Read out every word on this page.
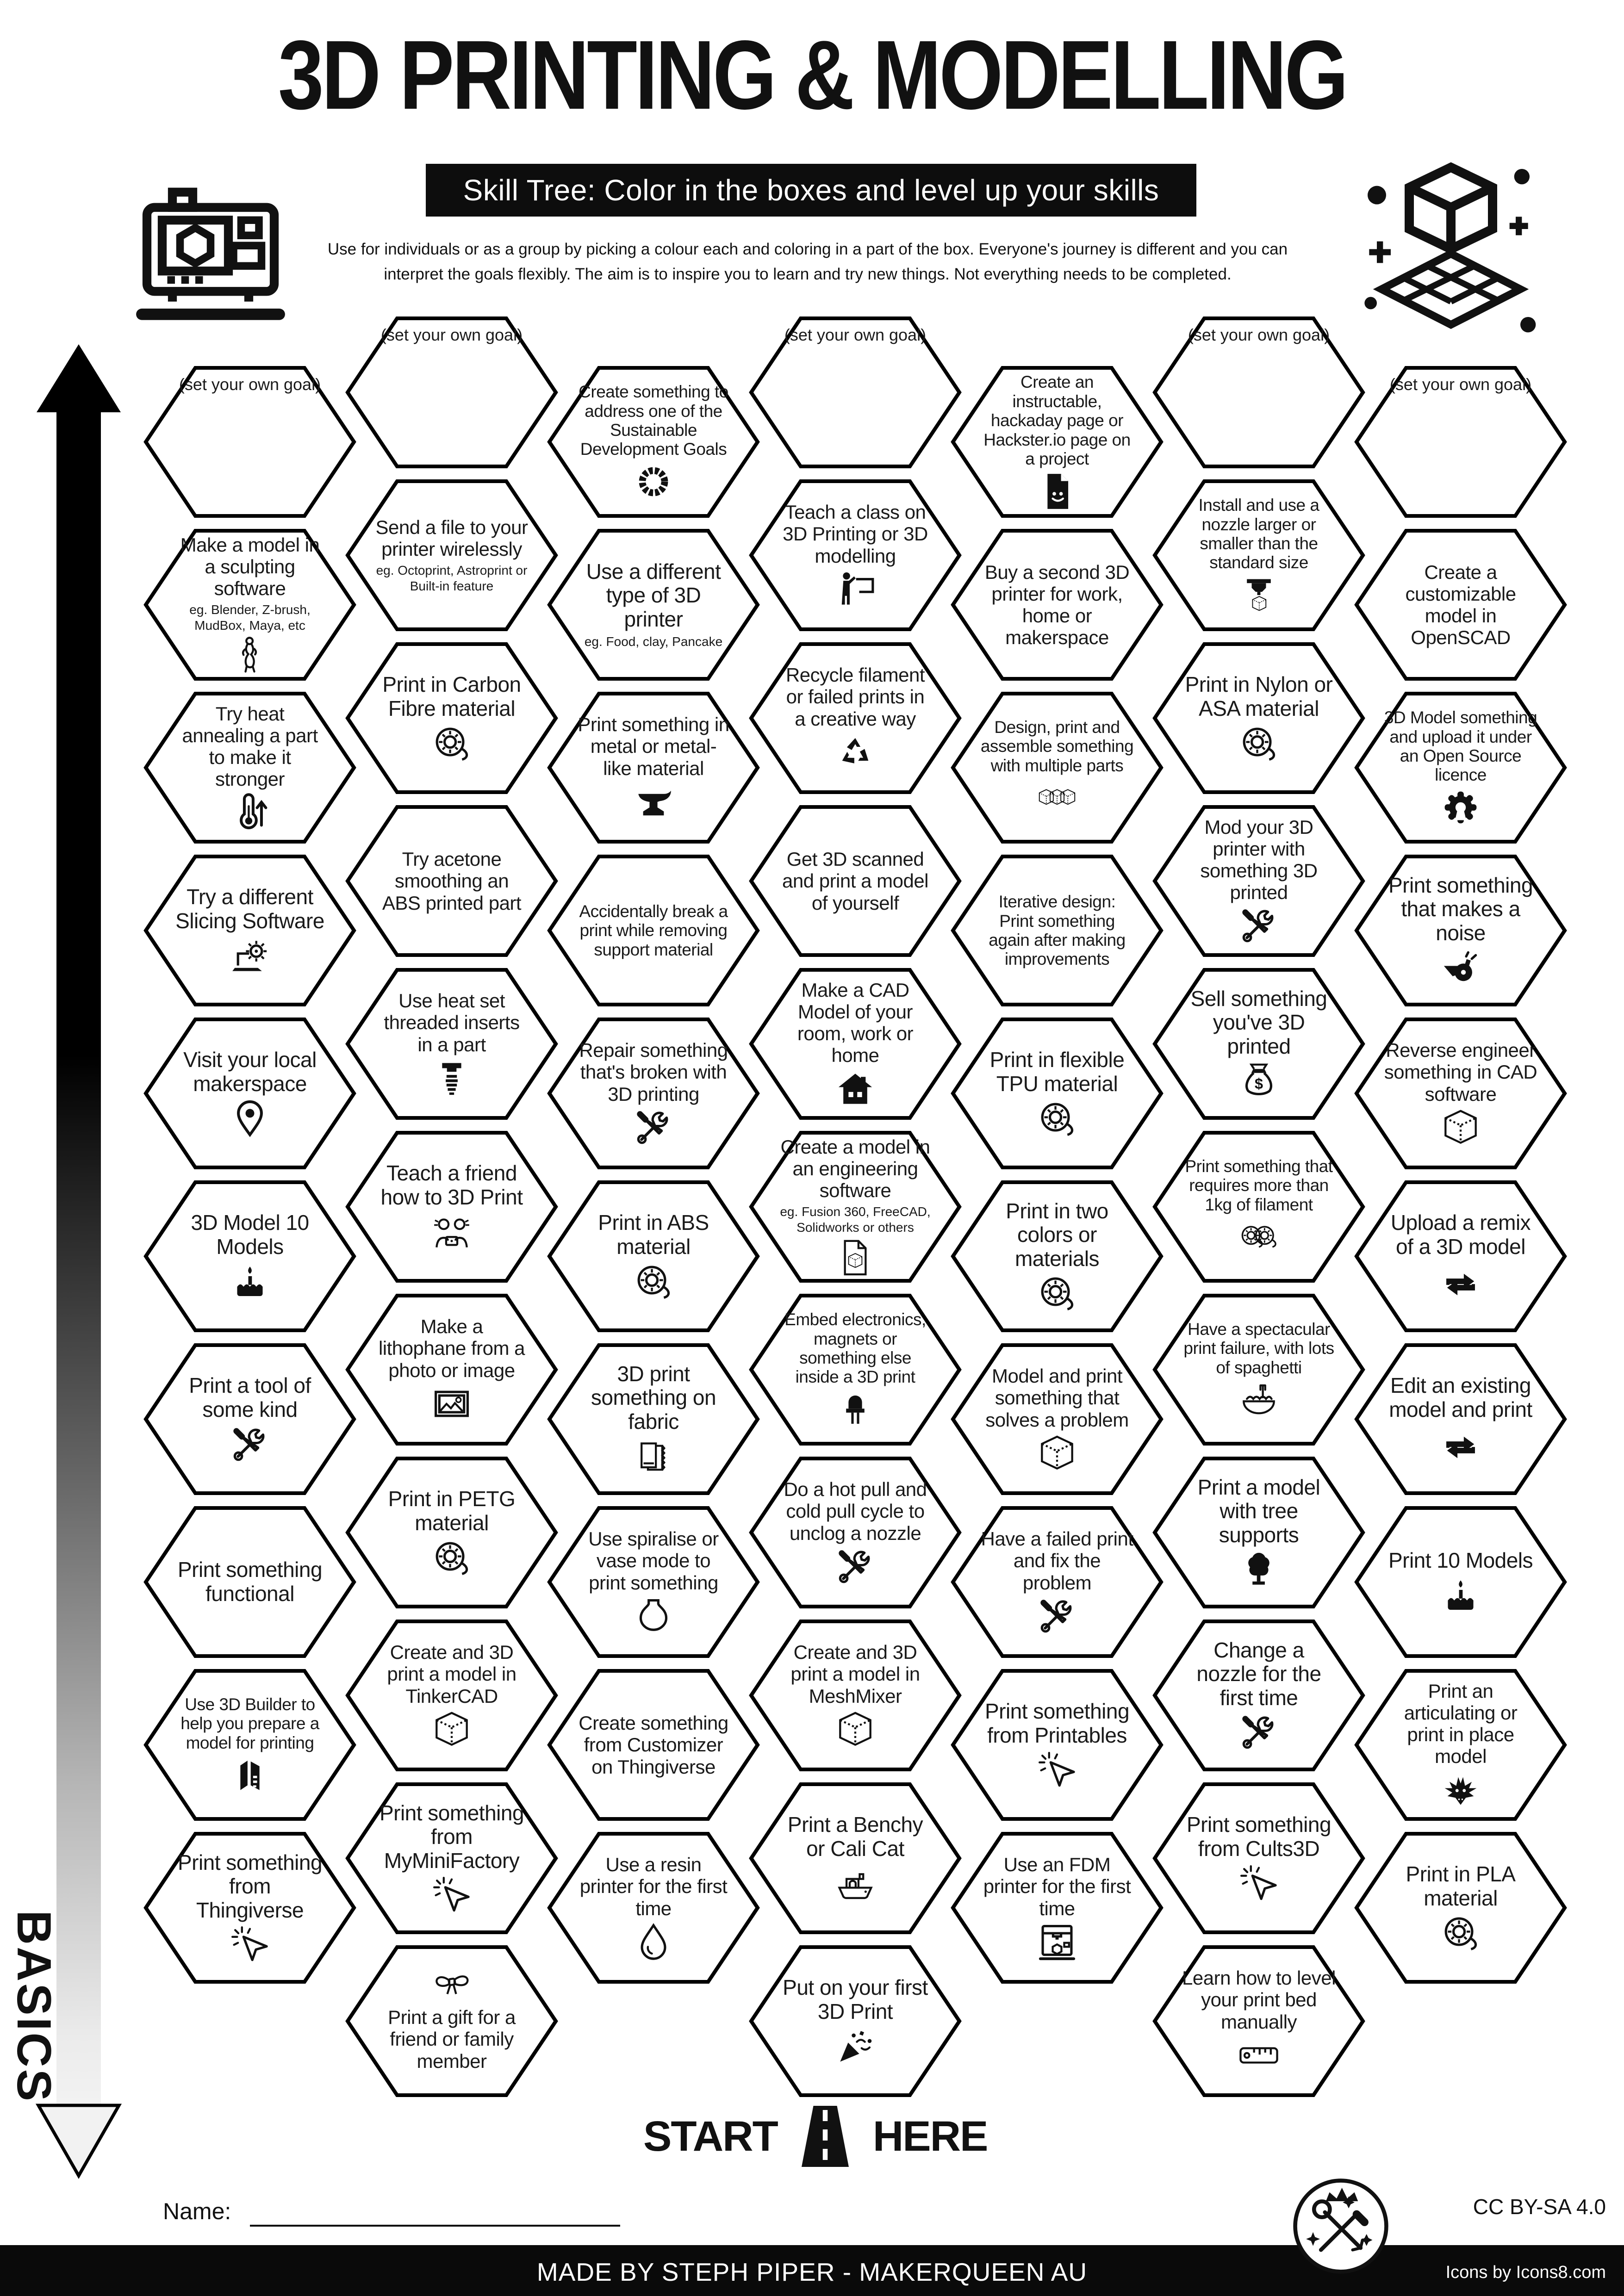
3D PRINTING & MODELLING
Skill Tree: Color in the boxes and level up your skills
Use for individuals or as a group by picking a colour each and coloring in a part of the box. Everyone's journey is different and you can interpret the goals flexibly. The aim is to inspire you to learn and try new things. Not everything needs to be completed.
ADVANCED
BASICS
(set your own goal)
Make a model in a sculpting software
eg. Blender, Z-brush, MudBox, Maya, etc
Try heat annealing a part to make it stronger
Try a different Slicing Software
Visit your local makerspace
3D Model 10 Models
Print a tool of some kind
Print something functional
Use 3D Builder to help you prepare a model for printing
Print something from Thingiverse
(set your own goal)
Send a file to your printer wirelessly
eg. Octoprint, Astroprint or Built-in feature
Print in Carbon Fibre material
Try acetone smoothing an ABS printed part
Use heat set threaded inserts in a part
Teach a friend how to 3D Print
Make a lithophane from a photo or image
Print in PETG material
Create and 3D print a model in TinkerCAD
Print something from MyMiniFactory
Print a gift for a friend or family member
Create something to address one of the Sustainable Development Goals
Use a different type of 3D printer
eg. Food, clay, Pancake
Print something in metal or metal-like material
Accidentally break a print while removing support material
Repair something that's broken with 3D printing
Print in ABS material
3D print something on fabric
Use spiralise or vase mode to print something
Create something from Customizer on Thingiverse
Use a resin printer for the first time
(set your own goal)
Teach a class on 3D Printing or 3D modelling
Recycle filament or failed prints in a creative way
Get 3D scanned and print a model of yourself
Make a CAD Model of your room, work or home
Create a model in an engineering software
eg. Fusion 360, FreeCAD, Solidworks or others
Embed electronics, magnets or something else inside a 3D print
Do a hot pull and cold pull cycle to unclog a nozzle
Create and 3D print a model in MeshMixer
Print a Benchy or Cali Cat
Put on your first 3D Print
Create an instructable, hackaday page or Hackster.io page on a project
Buy a second 3D printer for work, home or makerspace
Design, print and assemble something with multiple parts
Iterative design: Print something again after making improvements
Print in flexible TPU material
Print in two colors or materials
Model and print something that solves a problem
Have a failed print and fix the problem
Print something from Printables
Use an FDM printer for the first time
(set your own goal)
Install and use a nozzle larger or smaller than the standard size
Print in Nylon or ASA material
Mod your 3D printer with something 3D printed
Sell something you've 3D printed
Print something that requires more than 1kg of filament
Have a spectacular print failure, with lots of spaghetti
Print a model with tree supports
Change a nozzle for the first time
Print something from Cults3D
Learn how to level your print bed manually
(set your own goal)
Create a customizable model in OpenSCAD
3D Model something and upload it under an Open Source licence
Print something that makes a noise
Reverse engineer something in CAD software
Upload a remix of a 3D model
Edit an existing model and print
Print 10 Models
Print an articulating or print in place model
Print in PLA material
START HERE
Name:	CC BY-SA 4.0
MADE BY STEPH PIPER - MAKERQUEEN AU	Icons by Icons8.com
